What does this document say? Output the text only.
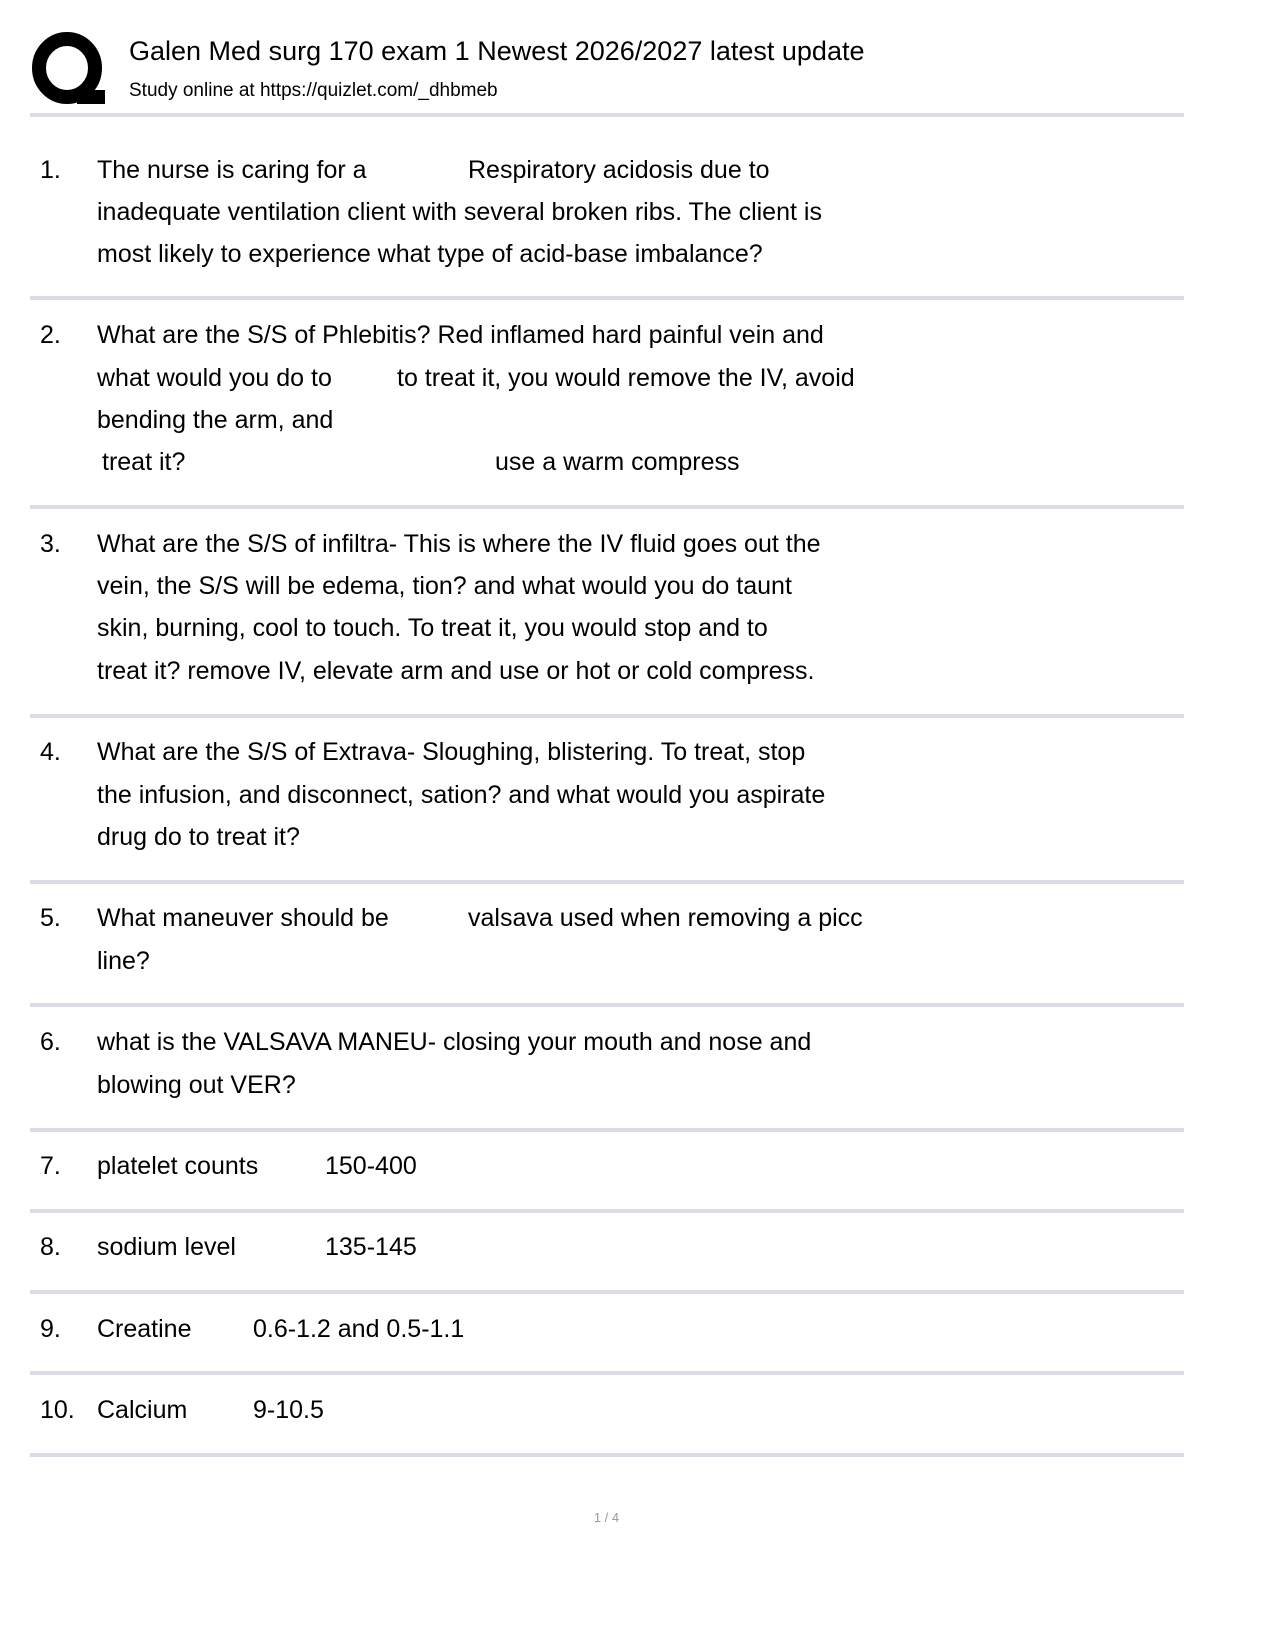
Galen Med surg 170 exam 1 Newest 2026/2027 latest update
Study online at https://quizlet.com/_dhbmeb
1. The nurse is caring for a	Respiratory acidosis due to
inadequate ventilation client with several broken ribs. The client is
most likely to experience what type of acid-base imbalance?
2. What are the S/S of Phlebitis? Red inflamed hard painful vein and
what would you do to	to treat it, you would remove the IV, avoid
bending the arm, and
treat it?	use a warm compress
3. What are the S/S of infiltra- This is where the IV fluid goes out the
vein, the S/S will be edema, tion? and what would you do taunt
skin, burning, cool to touch. To treat it, you would stop and to
treat it? remove IV, elevate arm and use or hot or cold compress.
4. What are the S/S of Extrava- Sloughing, blistering. To treat, stop
the infusion, and disconnect, sation? and what would you aspirate
drug do to treat it?
5. What maneuver should be	valsava used when removing a picc
line?
6. what is the VALSAVA MANEU- closing your mouth and nose and
blowing out VER?
7. platelet counts	150-400
8. sodium level	135-145
9. Creatine 0.6-1.2 and 0.5-1.1
10. Calcium	9-10.5
1 / 4
